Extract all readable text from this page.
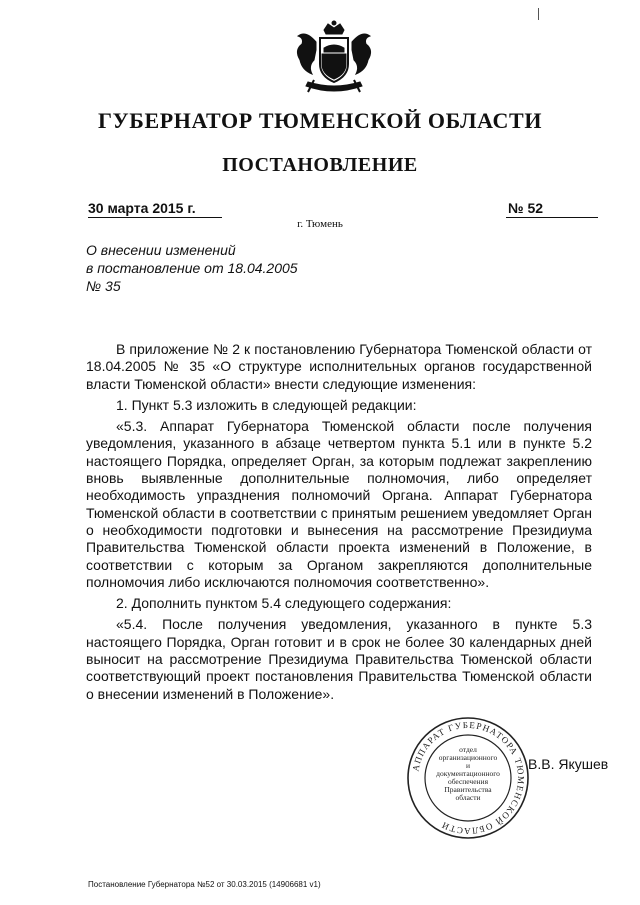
ГУБЕРНАТОР ТЮМЕНСКОЙ ОБЛАСТИ
ПОСТАНОВЛЕНИЕ
30 марта 2015 г.	№ 52
г. Тюмень
О внесении изменений
в постановление от 18.04.2005
№ 35

В приложение № 2 к постановлению Губернатора Тюменской области от 18.04.2005 № 35 «О структуре исполнительных органов государственной власти Тюменской области» внести следующие изменения:

1. Пункт 5.3 изложить в следующей редакции:

«5.3. Аппарат Губернатора Тюменской области после получения уведомления, указанного в абзаце четвертом пункта 5.1 или в пункте 5.2 настоящего Порядка, определяет Орган, за которым подлежат закреплению вновь выявленные дополнительные полномочия, либо определяет необходимость упразднения полномочий Органа. Аппарат Губернатора Тюменской области в соответствии с принятым решением уведомляет Орган о необходимости подготовки и вынесения на рассмотрение Президиума Правительства Тюменской области проекта изменений в Положение, в соответствии с которым за Органом закрепляются дополнительные полномочия либо исключаются полномочия соответственно».

2. Дополнить пунктом 5.4 следующего содержания:

«5.4. После получения уведомления, указанного в пункте 5.3 настоящего Порядка, Орган готовит и в срок не более 30 календарных дней выносит на рассмотрение Президиума Правительства Тюменской области соответствующий проект постановления Правительства Тюменской области о внесении изменений в Положение».

АППАРАТ ГУБЕРНАТОРА ТЮМЕНСКОЙ ОБЛАСТИ
отдел
организационного
и
документационного
обеспечения
Правительства
области
В.В. Якушев
Постановление Губернатора №52 от 30.03.2015 (14906681 v1)
